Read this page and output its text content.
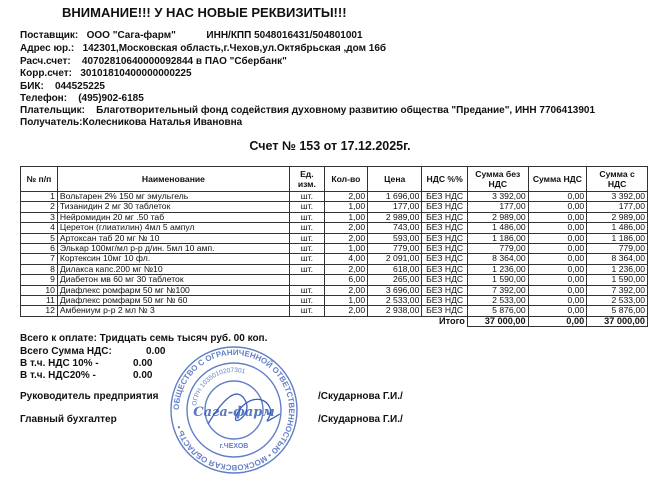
ВНИМАНИЕ!!! У НАС НОВЫЕ РЕКВИЗИТЫ!!!
Поставщик: ООО "Сага-фарм"	ИНН/КПП 5048016431/504801001
Адрес юр.: 142301,Московская область,г.Чехов,ул.Октябрьская ,дом 16б
Расч.счет: 40702810640000092844 в ПАО "Сбербанк"
Корр.счет: 30101810400000000225
БИК: 044525225
Телефон: (495)902-6185
Плательщик: Благотворительный фонд содействия духовному развитию общества "Предание", ИНН 7706413901
Получатель:Колесникова Наталья Ивановна
Счет № 153 от 17.12.2025г.
№ п/п	Наименование	Ед. изм.	Кол-во	Цена	НДС %%	Сумма без НДС	Сумма НДС	Сумма с НДС
1	Вольтарен 2% 150 мг эмульгель	шт.	2,00	1 696,00	БЕЗ НДС	3 392,00	0,00	3 392,00
2	Тизанидин 2 мг 30 таблеток	шт.	1,00	177,00	БЕЗ НДС	177,00	0,00	177,00
3	Нейромидин 20 мг .50 таб	шт.	1,00	2 989,00	БЕЗ НДС	2 989,00	0,00	2 989,00
4	Церетон (глиатилин) 4мл 5 ампул	шт.	2,00	743,00	БЕЗ НДС	1 486,00	0,00	1 486,00
5	Артоксан таб 20 мг № 10	шт.	2,00	593,00	БЕЗ НДС	1 186,00	0,00	1 186,00
6	Элькар 100мг/мл р-р д/ин. 5мл 10 амп.	шт.	1,00	779,00	БЕЗ НДС	779,00	0,00	779,00
7	Кортексин 10мг 10 фл.	шт.	4,00	2 091,00	БЕЗ НДС	8 364,00	0,00	8 364,00
8	Дилакса капс.200 мг №10	шт.	2,00	618,00	БЕЗ НДС	1 236,00	0,00	1 236,00
9	Диабетон мв 60 мг 30 таблеток		6,00	265,00	БЕЗ НДС	1 590,00	0,00	1 590,00
10	Диафлекс ромфарм 50 мг №100	шт.	2,00	3 696,00	БЕЗ НДС	7 392,00	0,00	7 392,00
11	Диафлекс ромфарм 50 мг № 60	шт.	1,00	2 533,00	БЕЗ НДС	2 533,00	0,00	2 533,00
12	Амбениум р-р 2 мл № 3	шт.	2,00	2 938,00	БЕЗ НДС	5 876,00	0,00	5 876,00
Итого						37 000,00	0,00	37 000,00
Всего к оплате: Тридцать семь тысяч руб. 00 коп.
Всего Сумма НДС:	0.00
В т.ч. НДС 10% -	0.00
В т.ч. НДС20% -	0.00
Руководитель предприятия	/Скударнова Г.И./
Главный бухгалтер	/Скударнова Г.И./
ОБЩЕСТВО С ОГРАНИЧЕННОЙ ОТВЕТСТВЕННОСТЬЮ • МОСКОВСКАЯ ОБЛАСТЬ •
ОГРН 1035010207301
Сага-фарм
г.ЧЕХОВ
